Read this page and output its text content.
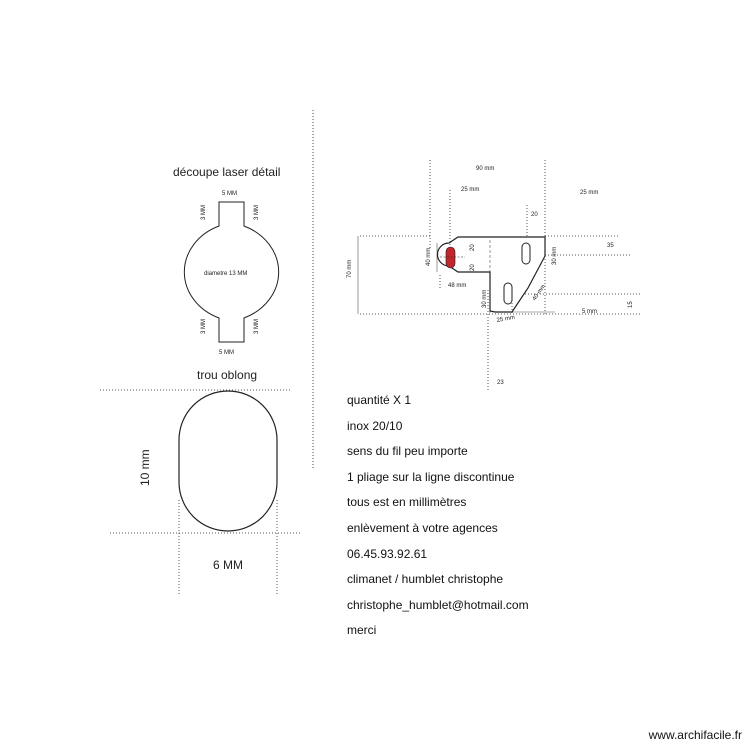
découpe laser détail
5 MM
3 MM	3 MM
diametre 13 MM
3 MM	3 MM
5 MM
trou oblong
10 mm
6 MM
90 mm
25 mm	25 mm
20
35
70 mm
40 mm	20
20
30 mm
48 mm
30 mm	40 mm
25 mm
5 mm
15
23
quantité X 1
inox 20/10
sens du fil peu importe
1 pliage sur la ligne discontinue
tous est en millimètres
enlèvement à votre agences
06.45.93.92.61
climanet / humblet christophe
christophe_humblet@hotmail.com
merci
www.archifacile.fr
